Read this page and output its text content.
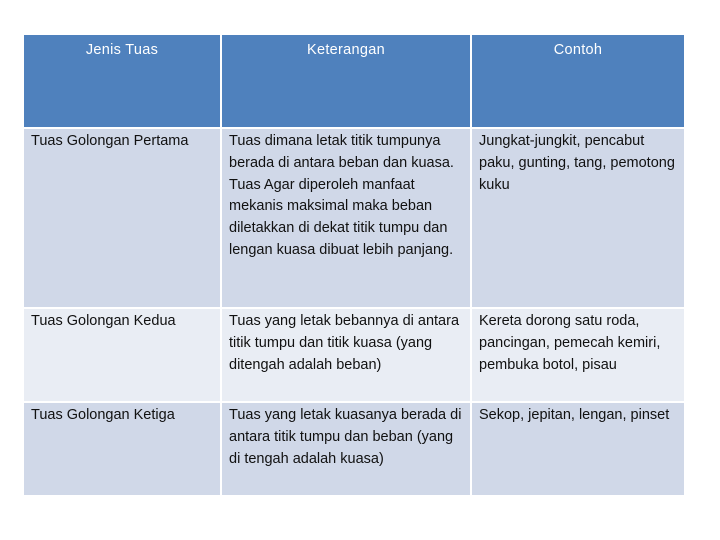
Jenis Tuas	Keterangan	Contoh
Tuas Golongan Pertama	Tuas dimana letak titik tumpunya berada di antara beban dan kuasa. Tuas Agar diperoleh manfaat mekanis maksimal maka beban diletakkan di dekat titik tumpu dan lengan kuasa dibuat lebih panjang.	Jungkat-jungkit, pencabut paku, gunting, tang, pemotong kuku
Tuas Golongan Kedua	Tuas yang letak bebannya di antara titik tumpu dan titik kuasa (yang ditengah adalah beban)	Kereta dorong satu roda, pancingan, pemecah kemiri, pembuka botol, pisau
Tuas Golongan Ketiga	Tuas yang letak kuasanya berada di antara titik tumpu dan beban (yang di tengah adalah kuasa)	Sekop, jepitan, lengan, pinset
